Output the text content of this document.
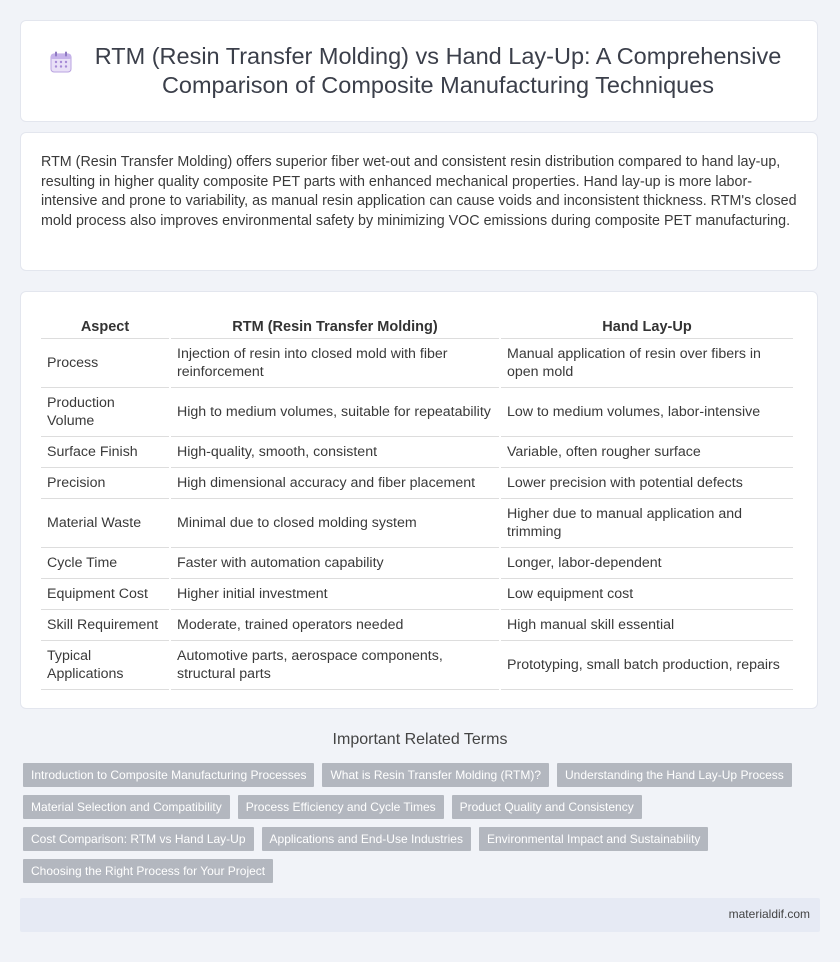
RTM (Resin Transfer Molding) vs Hand Lay-Up: A Comprehensive Comparison of Composite Manufacturing Techniques

RTM (Resin Transfer Molding) offers superior fiber wet-out and consistent resin distribution compared to hand lay-up, resulting in higher quality composite PET parts with enhanced mechanical properties. Hand lay-up is more labor-intensive and prone to variability, as manual resin application can cause voids and inconsistent thickness. RTM's closed mold process also improves environmental safety by minimizing VOC emissions during composite PET manufacturing.

Aspect	RTM (Resin Transfer Molding)	Hand Lay-Up
Process	Injection of resin into closed mold with fiber reinforcement	Manual application of resin over fibers in open mold
Production Volume	High to medium volumes, suitable for repeatability	Low to medium volumes, labor-intensive
Surface Finish	High-quality, smooth, consistent	Variable, often rougher surface
Precision	High dimensional accuracy and fiber placement	Lower precision with potential defects
Material Waste	Minimal due to closed molding system	Higher due to manual application and trimming
Cycle Time	Faster with automation capability	Longer, labor-dependent
Equipment Cost	Higher initial investment	Low equipment cost
Skill Requirement	Moderate, trained operators needed	High manual skill essential
Typical Applications	Automotive parts, aerospace components, structural parts	Prototyping, small batch production, repairs
Important Related Terms
Introduction to Composite Manufacturing Processes	What is Resin Transfer Molding (RTM)?	Understanding the Hand Lay-Up Process
Material Selection and Compatibility	Process Efficiency and Cycle Times	Product Quality and Consistency
Cost Comparison: RTM vs Hand Lay-Up	Applications and End-Use Industries	Environmental Impact and Sustainability
Choosing the Right Process for Your Project
materialdif.com
